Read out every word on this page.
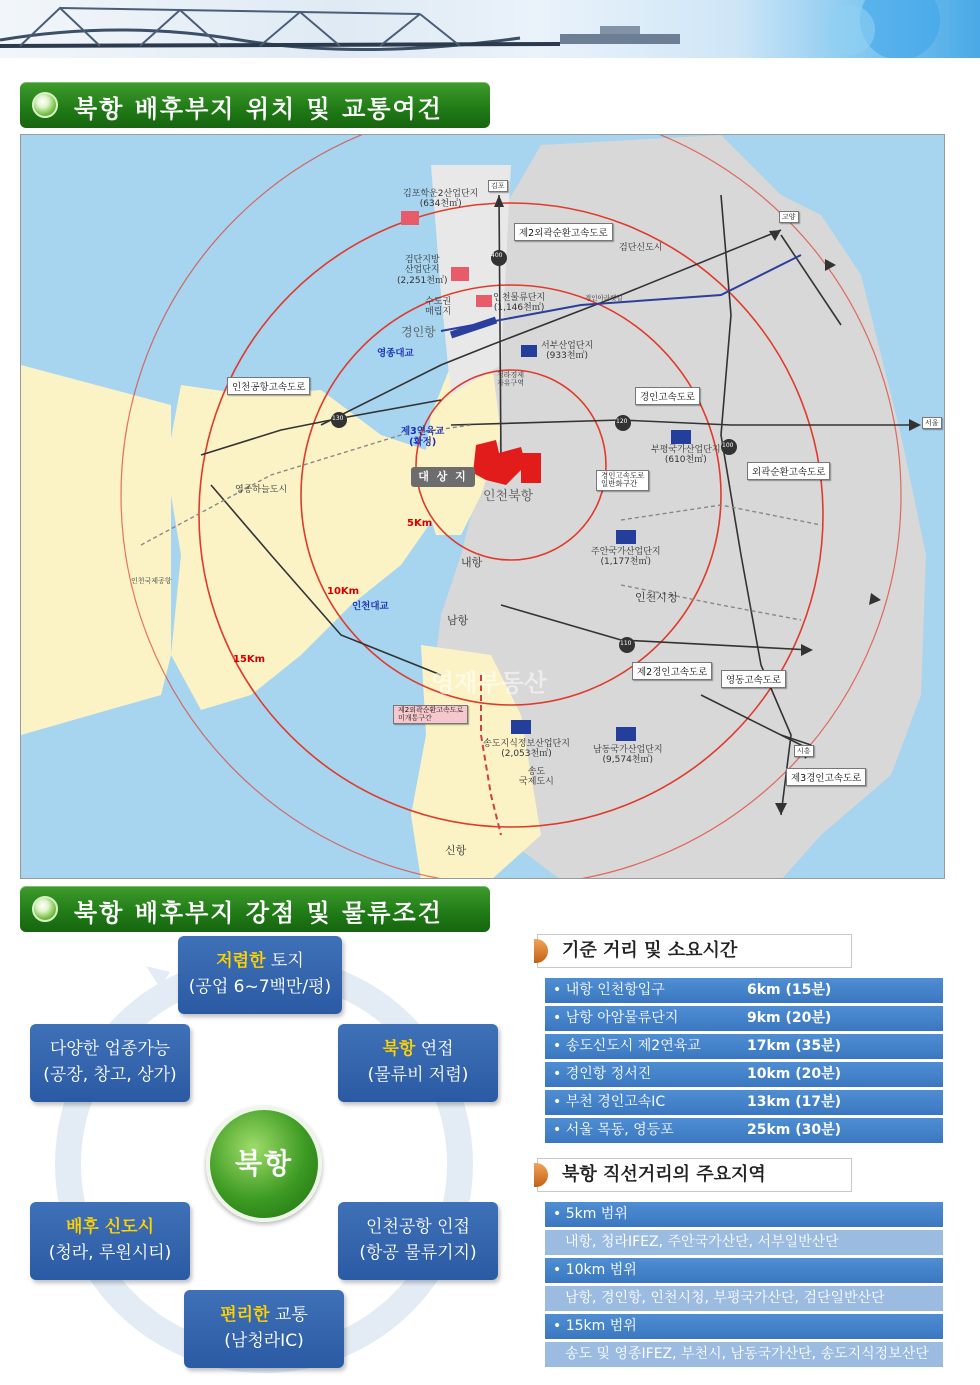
북항 배후부지 위치 및 교통여건
5Km
10Km
15Km
대 상 지
인천북항
제2외곽순환고속도로
인천공항고속도로
경인고속도로
외곽순환고속도로
제2경인고속도로
영동고속도로
제3경인고속도로
영종대교
제3연육교
(확정)
인천대교
김포학운2산업단지
(634천㎡)
검단지방
산업단지
(2,251천㎡)
인천물류단지
(1,146천㎡)
수도권
매립지
경인항
서부산업단지
(933천㎡)
청라경제
자유구역
검단신도시
부평국가산업단지
(610천㎡)
경인고속도로
일반화구간
주안국가산업단지
(1,177천㎡)
인천시청
영종하늘도시
인천국제공항
내항
남항
제2외곽순환고속도로
미개통구간
송도지식정보산업단지
(2,053천㎡)
송도
국제도시
남동국가산업단지
(9,574천㎡)
신항
경인아라뱃길
김포
고양
서울
시흥
영재부동산
400
130	120
100
110
북항 배후부지 강점 및 물류조건
저렴한 토지
(공업 6~7백만/평)
북항 연접
(물류비 저렴)
인천공항 인접
(항공 물류기지)
편리한 교통
(남청라IC)
배후 신도시
(청라, 루원시티)
다양한 업종가능
(공장, 창고, 상가)
북항
기준 거리 및 소요시간
• 내항 인천항입구	6km (15분)
• 남항 아암물류단지	9km (20분)
• 송도신도시 제2연육교	17km (35분)
• 경인항 정서진	10km (20분)
• 부천 경인고속IC	13km (17분)
• 서울 목동, 영등포	25km (30분)
북항 직선거리의 주요지역
• 5km 범위
내항, 청라IFEZ, 주안국가산단, 서부일반산단
• 10km 범위
남항, 경인항, 인천시청, 부평국가산단, 검단일반산단
• 15km 범위
송도 및 영종IFEZ, 부천시, 남동국가산단, 송도지식정보산단
